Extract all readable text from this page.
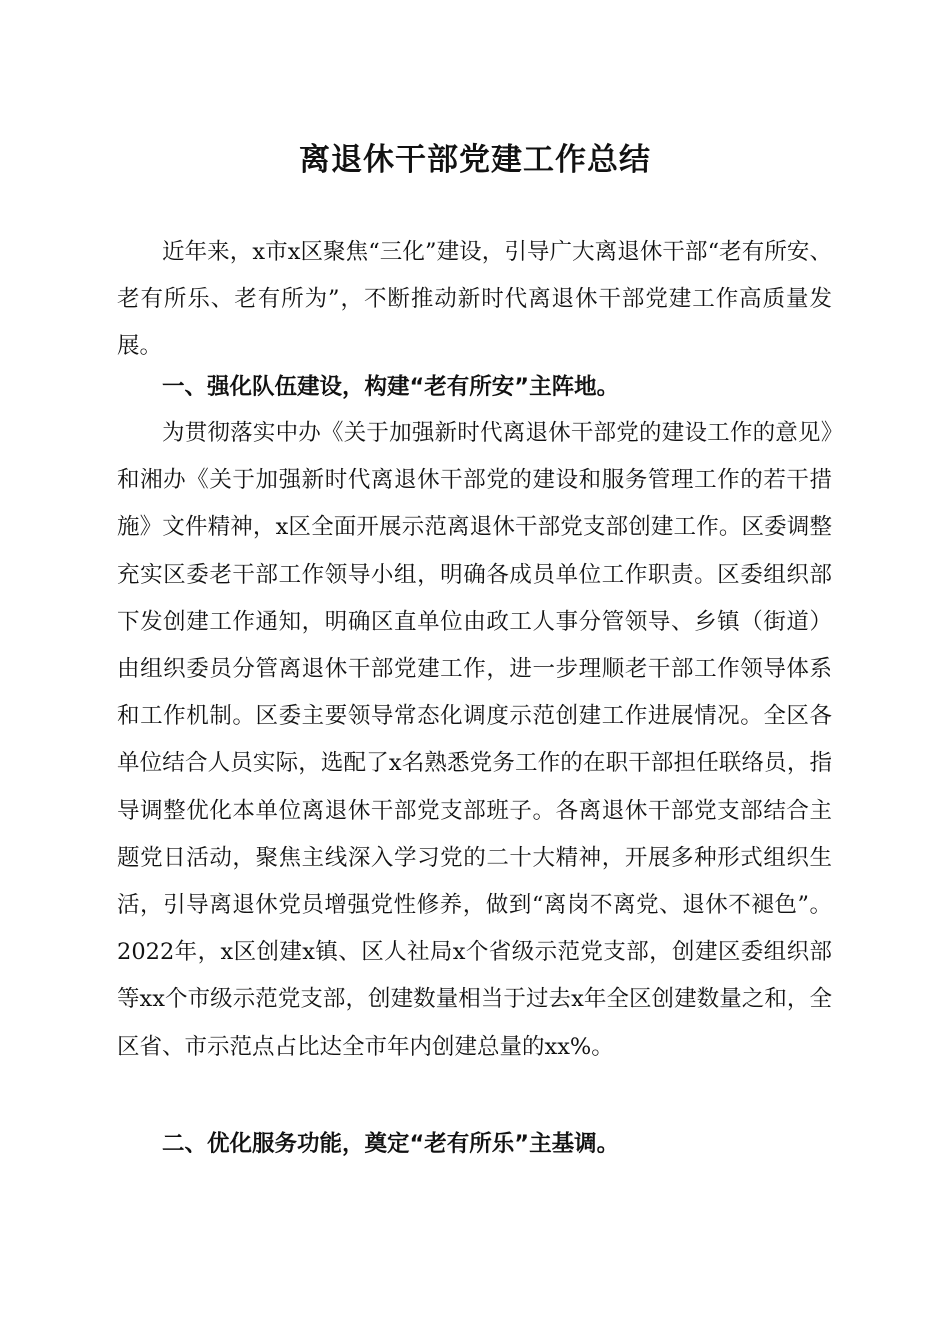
离退休干部党建工作总结

近年来，x市x区聚焦“三化”建设，引导广大离退休干部“老有所安、老有所乐、老有所为”，不断推动新时代离退休干部党建工作高质量发展。

一、强化队伍建设，构建“老有所安”主阵地。

为贯彻落实中办《关于加强新时代离退休干部党的建设工作的意见》和湘办《关于加强新时代离退休干部党的建设和服务管理工作的若干措施》文件精神，x区全面开展示范离退休干部党支部创建工作。区委调整充实区委老干部工作领导小组，明确各成员单位工作职责。区委组织部下发创建工作通知，明确区直单位由政工人事分管领导、乡镇（街道）由组织委员分管离退休干部党建工作，进一步理顺老干部工作领导体系和工作机制。区委主要领导常态化调度示范创建工作进展情况。全区各单位结合人员实际，选配了x名熟悉党务工作的在职干部担任联络员，指导调整优化本单位离退休干部党支部班子。各离退休干部党支部结合主题党日活动，聚焦主线深入学习党的二十大精神，开展多种形式组织生活，引导离退休党员增强党性修养，做到“离岗不离党、退休不褪色”。2022年，x区创建x镇、区人社局x个省级示范党支部，创建区委组织部等xx个市级示范党支部，创建数量相当于过去x年全区创建数量之和，全区省、市示范点占比达全市年内创建总量的xx%。

二、优化服务功能，奠定“老有所乐”主基调。
